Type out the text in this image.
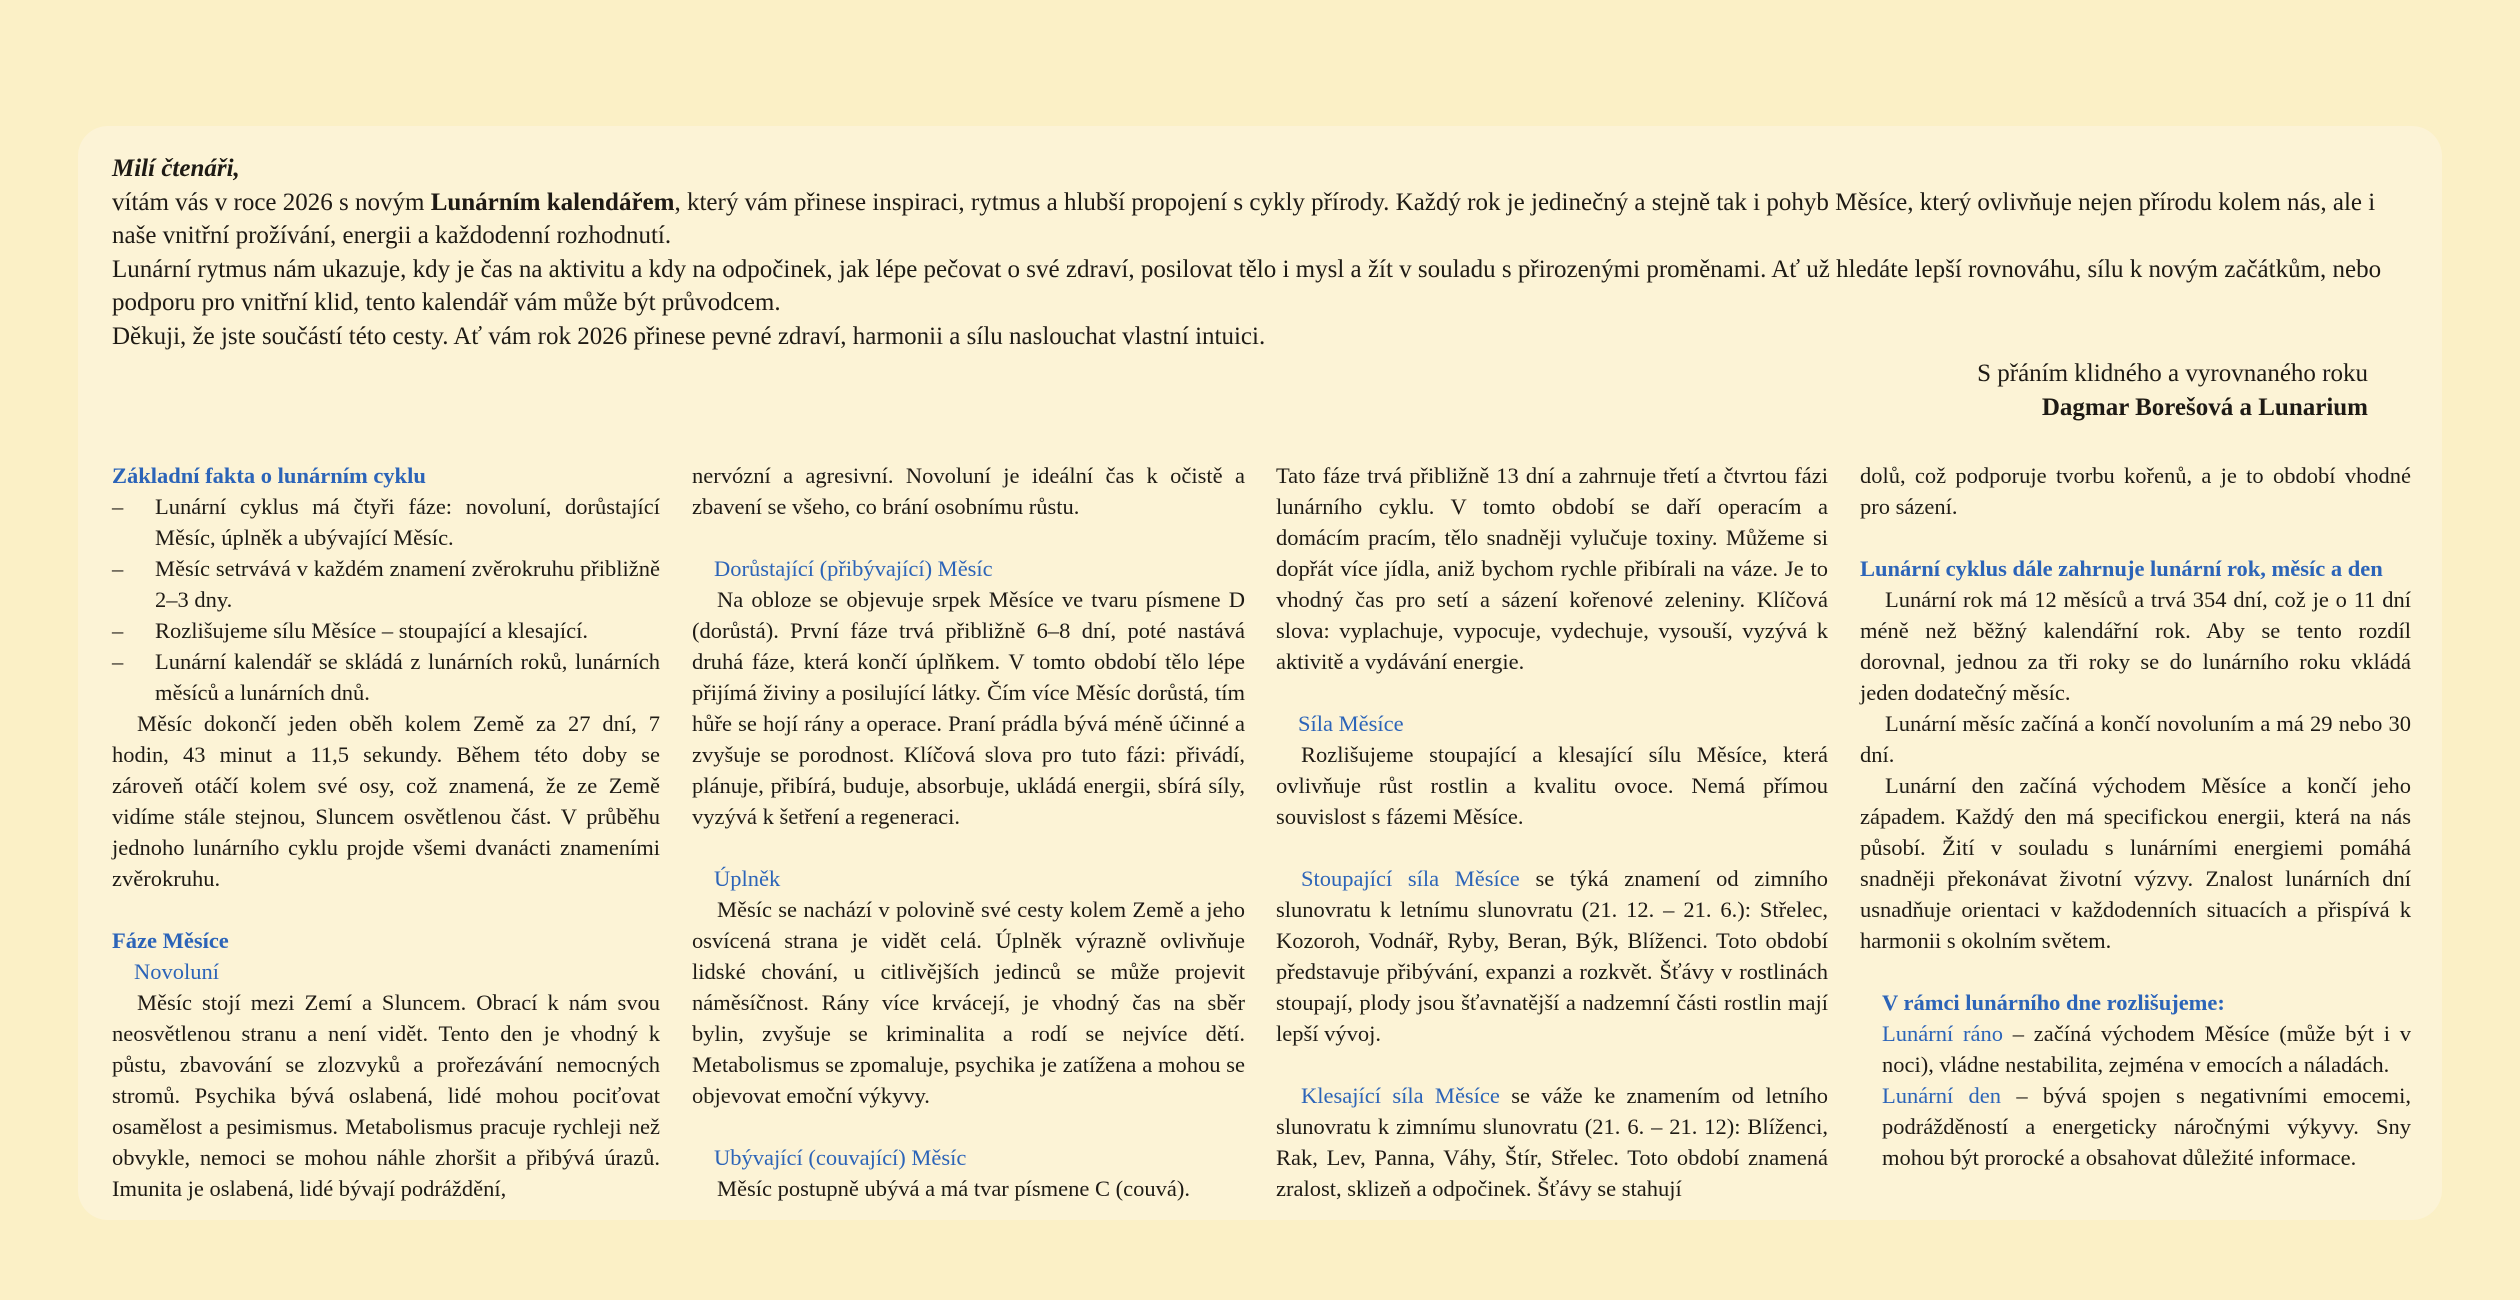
Milí čtenáři,

vítám vás v roce 2026 s novým Lunárním kalendářem, který vám přinese inspiraci, rytmus a hlubší propojení s cykly přírody. Každý rok je jedinečný a stejně tak i pohyb Měsíce, který ovlivňuje nejen přírodu kolem nás, ale i naše vnitřní prožívání, energii a každodenní rozhodnutí.

Lunární rytmus nám ukazuje, kdy je čas na aktivitu a kdy na odpočinek, jak lépe pečovat o své zdraví, posilovat tělo i mysl a žít v souladu s přirozenými proměnami. Ať už hledáte lepší rovnováhu, sílu k novým začátkům, nebo podporu pro vnitřní klid, tento kalendář vám může být průvodcem.

Děkuji, že jste součástí této cesty. Ať vám rok 2026 přinese pevné zdraví, harmonii a sílu naslouchat vlastní intuici.

S přáním klidného a vyrovnaného roku
Dagmar Borešová a Lunarium

Základní fakta o lunárním cyklu

– Lunární cyklus má čtyři fáze: novoluní, dorůstající Měsíc, úplněk a ubývající Měsíc.
– Měsíc setrvává v každém znamení zvěrokruhu přibližně 2–3 dny.
– Rozlišujeme sílu Měsíce – stoupající a klesající.
– Lunární kalendář se skládá z lunárních roků, lunárních měsíců a lunárních dnů.

Měsíc dokončí jeden oběh kolem Země za 27 dní, 7 hodin, 43 minut a 11,5 sekundy. Během této doby se zároveň otáčí kolem své osy, což znamená, že ze Země vidíme stále stejnou, Sluncem osvětlenou část. V průběhu jednoho lunárního cyklu projde všemi dvanácti znameními zvěrokruhu.

Fáze Měsíce

Novoluní

Měsíc stojí mezi Zemí a Sluncem. Obrací k nám svou neosvětlenou stranu a není vidět. Tento den je vhodný k půstu, zbavování se zlozvyků a prořezávání nemocných stromů. Psychika bývá oslabená, lidé mohou pociťovat osamělost a pesimismus. Metabolismus pracuje rychleji než obvykle, nemoci se mohou náhle zhoršit a přibývá úrazů. Imunita je oslabená, lidé bývají podráždění,

nervózní a agresivní. Novoluní je ideální čas k očistě a zbavení se všeho, co brání osobnímu růstu.

Dorůstající (přibývající) Měsíc

Na obloze se objevuje srpek Měsíce ve tvaru písmene D (dorůstá). První fáze trvá přibližně 6–8 dní, poté nastává druhá fáze, která končí úplňkem. V tomto období tělo lépe přijímá živiny a posilující látky. Čím více Měsíc dorůstá, tím hůře se hojí rány a operace. Praní prádla bývá méně účinné a zvyšuje se porodnost. Klíčová slova pro tuto fázi: přivádí, plánuje, přibírá, buduje, absorbuje, ukládá energii, sbírá síly, vyzývá k šetření a regeneraci.

Úplněk

Měsíc se nachází v polovině své cesty kolem Země a jeho osvícená strana je vidět celá. Úplněk výrazně ovlivňuje lidské chování, u citlivějších jedinců se může projevit náměsíčnost. Rány více krvácejí, je vhodný čas na sběr bylin, zvyšuje se kriminalita a rodí se nejvíce dětí. Metabolismus se zpomaluje, psychika je zatížena a mohou se objevovat emoční výkyvy.

Ubývající (couvající) Měsíc

Měsíc postupně ubývá a má tvar písmene C (couvá).

Tato fáze trvá přibližně 13 dní a zahrnuje třetí a čtvrtou fázi lunárního cyklu. V tomto období se daří operacím a domácím pracím, tělo snadněji vylučuje toxiny. Můžeme si dopřát více jídla, aniž bychom rychle přibírali na váze. Je to vhodný čas pro setí a sázení kořenové zeleniny. Klíčová slova: vyplachuje, vypocuje, vydechuje, vysouší, vyzývá k aktivitě a vydávání energie.

Síla Měsíce

Rozlišujeme stoupající a klesající sílu Měsíce, která ovlivňuje růst rostlin a kvalitu ovoce. Nemá přímou souvislost s fázemi Měsíce.

Stoupající síla Měsíce se týká znamení od zimního slunovratu k letnímu slunovratu (21. 12. – 21. 6.): Střelec, Kozoroh, Vodnář, Ryby, Beran, Býk, Blíženci. Toto období představuje přibývání, expanzi a rozkvět. Šťávy v rostlinách stoupají, plody jsou šťavnatější a nadzemní části rostlin mají lepší vývoj.

Klesající síla Měsíce se váže ke znamením od letního slunovratu k zimnímu slunovratu (21. 6. – 21. 12): Blíženci, Rak, Lev, Panna, Váhy, Štír, Střelec. Toto období znamená zralost, sklizeň a odpočinek. Šťávy se stahují

dolů, což podporuje tvorbu kořenů, a je to období vhodné pro sázení.

Lunární cyklus dále zahrnuje lunární rok, měsíc a den

Lunární rok má 12 měsíců a trvá 354 dní, což je o 11 dní méně než běžný kalendářní rok. Aby se tento rozdíl dorovnal, jednou za tři roky se do lunárního roku vkládá jeden dodatečný měsíc.

Lunární měsíc začíná a končí novoluním a má 29 nebo 30 dní.

Lunární den začíná východem Měsíce a končí jeho západem. Každý den má specifickou energii, která na nás působí. Žití v souladu s lunárními energiemi pomáhá snadněji překonávat životní výzvy. Znalost lunárních dní usnadňuje orientaci v každodenních situacích a přispívá k harmonii s okolním světem.

V rámci lunárního dne rozlišujeme:

Lunární ráno – začíná východem Měsíce (může být i v noci), vládne nestabilita, zejména v emocích a náladách.

Lunární den – bývá spojen s negativními emocemi, podrážděností a energeticky náročnými výkyvy. Sny mohou být prorocké a obsahovat důležité informace.
